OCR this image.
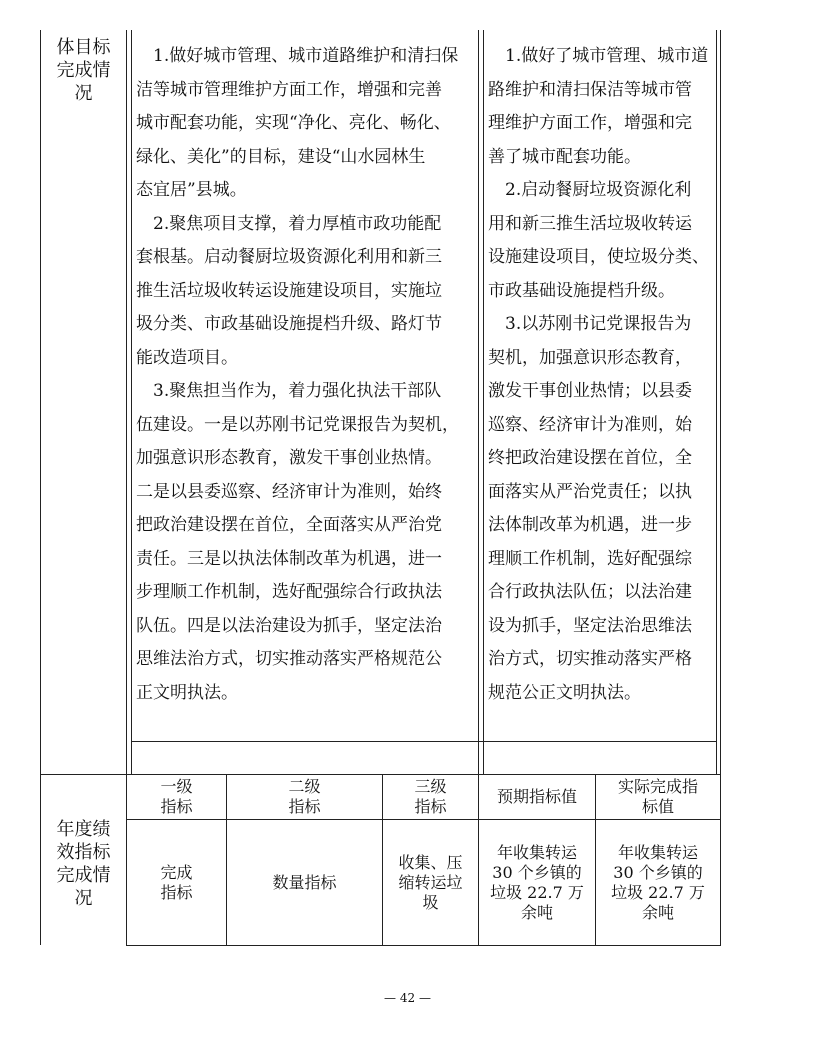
体目标
完成情
况
　1.做好城市管理、城市道路维护和清扫保
洁等城市管理维护方面工作，增强和完善
城市配套功能，实现“净化、亮化、畅化、
绿化、美化”的目标，建设“山水园林生
态宜居”县城。
　2.聚焦项目支撑，着力厚植市政功能配
套根基。启动餐厨垃圾资源化利用和新三
推生活垃圾收转运设施建设项目，实施垃
圾分类、市政基础设施提档升级、路灯节
能改造项目。
　3.聚焦担当作为，着力强化执法干部队
伍建设。一是以苏刚书记党课报告为契机，
加强意识形态教育，激发干事创业热情。
二是以县委巡察、经济审计为准则，始终
把政治建设摆在首位，全面落实从严治党
责任。三是以执法体制改革为机遇，进一
步理顺工作机制，选好配强综合行政执法
队伍。四是以法治建设为抓手，坚定法治
思维法治方式，切实推动落实严格规范公
正文明执法。
　1.做好了城市管理、城市道
路维护和清扫保洁等城市管
理维护方面工作，增强和完
善了城市配套功能。
　2.启动餐厨垃圾资源化利
用和新三推生活垃圾收转运
设施建设项目，使垃圾分类、
市政基础设施提档升级。
　3.以苏刚书记党课报告为
契机，加强意识形态教育，
激发干事创业热情；以县委
巡察、经济审计为准则，始
终把政治建设摆在首位，全
面落实从严治党责任；以执
法体制改革为机遇，进一步
理顺工作机制，选好配强综
合行政执法队伍；以法治建
设为抓手，坚定法治思维法
治方式，切实推动落实严格
规范公正文明执法。
年度绩
效指标
完成情
况
一级
指标
二级
指标
三级
指标
预期指标值
实际完成指
标值
完成
指标
数量指标
收集、压
缩转运垃
圾
年收集转运
30 个乡镇的
垃圾 22.7 万
余吨
年收集转运
30 个乡镇的
垃圾 22.7 万
余吨
— 42 —
